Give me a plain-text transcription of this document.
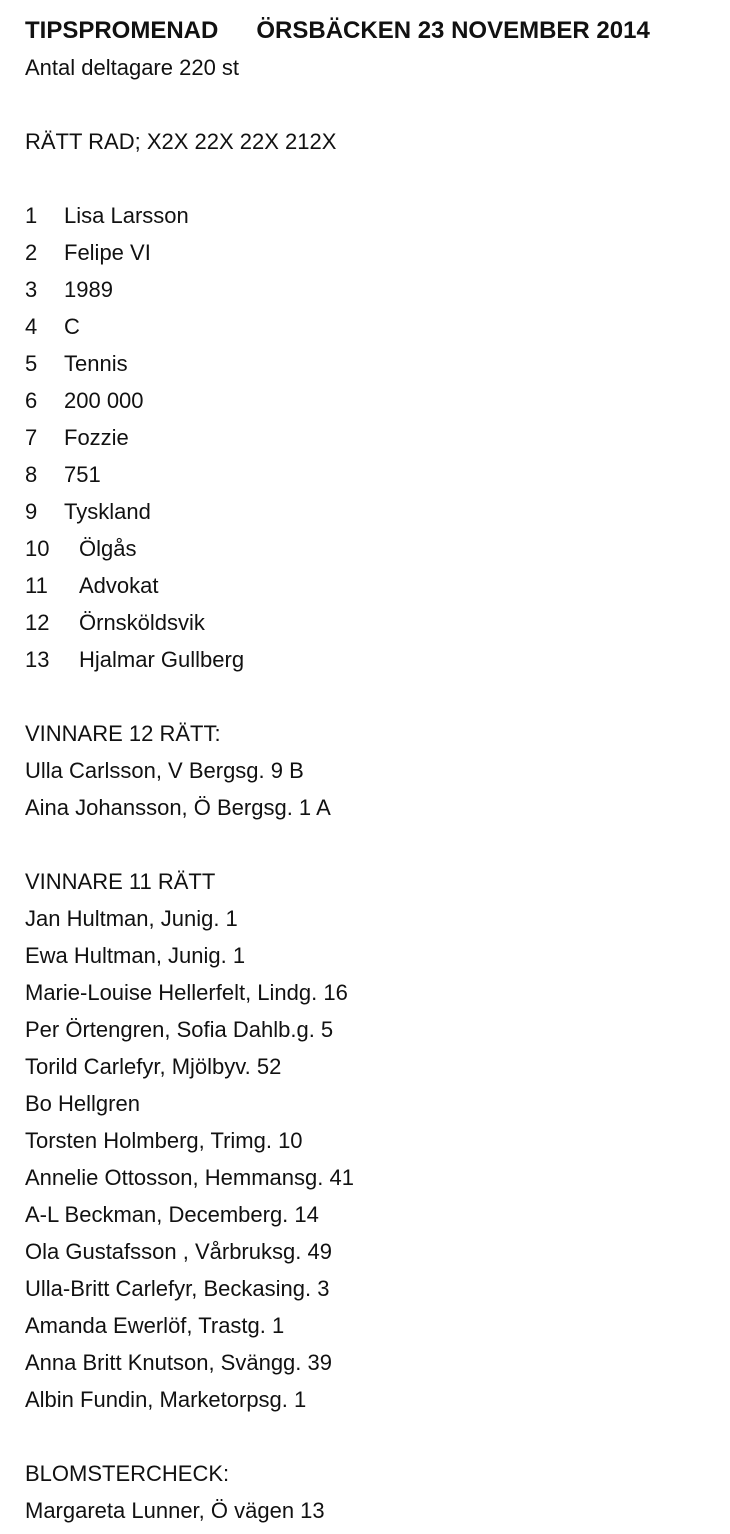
TIPSPROMENAD ÖRSBÄCKEN 23 NOVEMBER 2014
Antal deltagare 220 st
RÄTT RAD; X2X 22X 22X 212X
1 Lisa Larsson
2 Felipe VI
3 1989
4 C
5 Tennis
6 200 000
7 Fozzie
8 751
9 Tyskland
10 Ölgås
11 Advokat
12 Örnsköldsvik
13 Hjalmar Gullberg
VINNARE 12 RÄTT:
Ulla Carlsson, V Bergsg. 9 B
Aina Johansson, Ö Bergsg. 1 A
VINNARE 11 RÄTT
Jan Hultman, Junig. 1
Ewa Hultman, Junig. 1
Marie-Louise Hellerfelt, Lindg. 16
Per Örtengren, Sofia Dahlb.g. 5
Torild Carlefyr, Mjölbyv. 52
Bo Hellgren
Torsten Holmberg, Trimg. 10
Annelie Ottosson, Hemmansg. 41
A-L Beckman, Decemberg. 14
Ola Gustafsson , Vårbruksg. 49
Ulla-Britt Carlefyr, Beckasing. 3
Amanda Ewerlöf, Trastg. 1
Anna Britt Knutson, Svängg. 39
Albin Fundin, Marketorpsg. 1
BLOMSTERCHECK:
Margareta Lunner, Ö vägen 13
